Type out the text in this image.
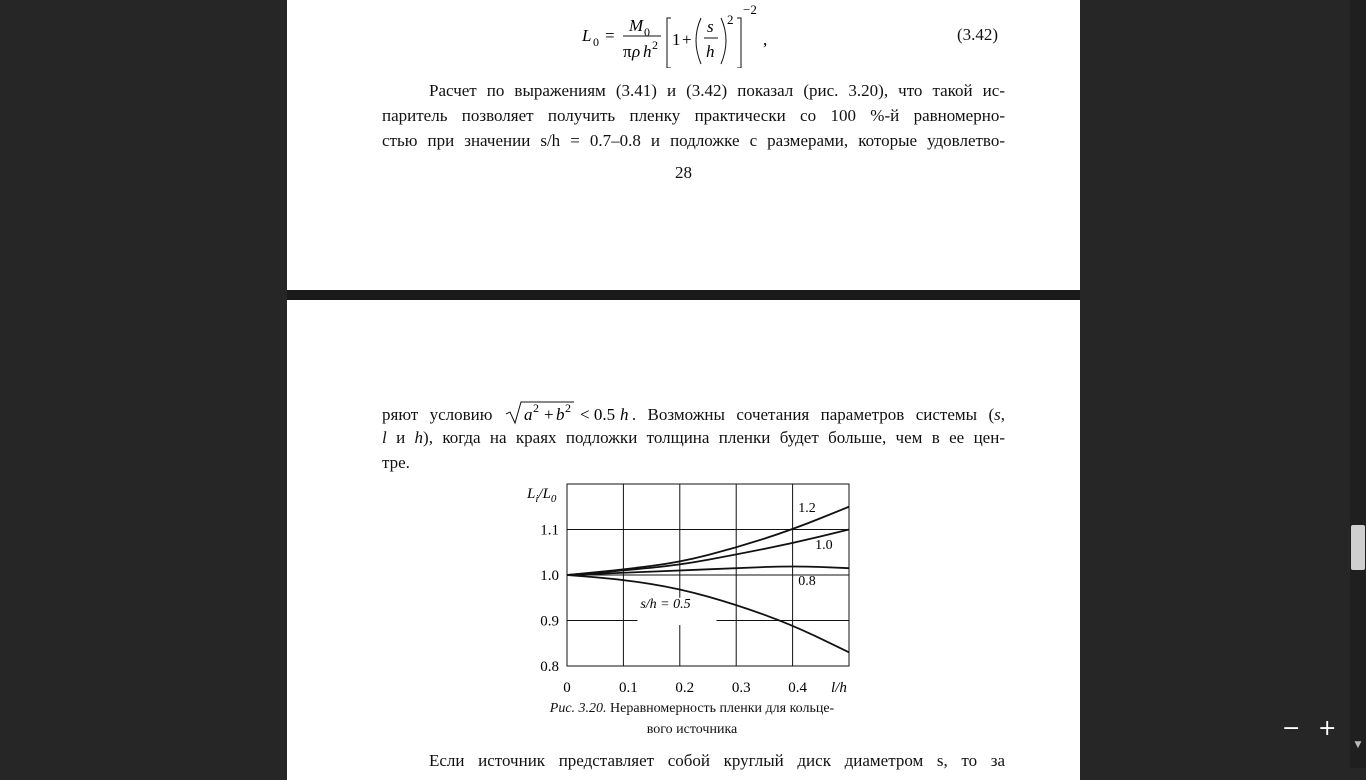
L 0 =
M 0
π ρ h 2 1 +
s
h
2
−2
,	(3.42)
Расчет по выражениям (3.41) и (3.42) показал (рис. 3.20), что такой ис-
паритель позволяет получить пленку практически со 100 %-й равномерно-
стью при значении s/h = 0.7–0.8 и подложке с размерами, которые удовлетво-
28
ряют условию a 2 + b 2 < 0.5 h . Возможны сочетания параметров системы (s,
l и h), когда на краях подложки толщина пленки будет больше, чем в ее цен-
тре.
1.2
1.0
0.8
s/h = 0.5
1.1
1.0
0.9
0.8
0	0.1	0.2	0.3	0.4
$L_i/L_0$
l/h
Рис. 3.20. Неравномерность пленки для кольце-
вого источника
Если источник представляет собой круглый диск диаметром s, то за
− +
▼
